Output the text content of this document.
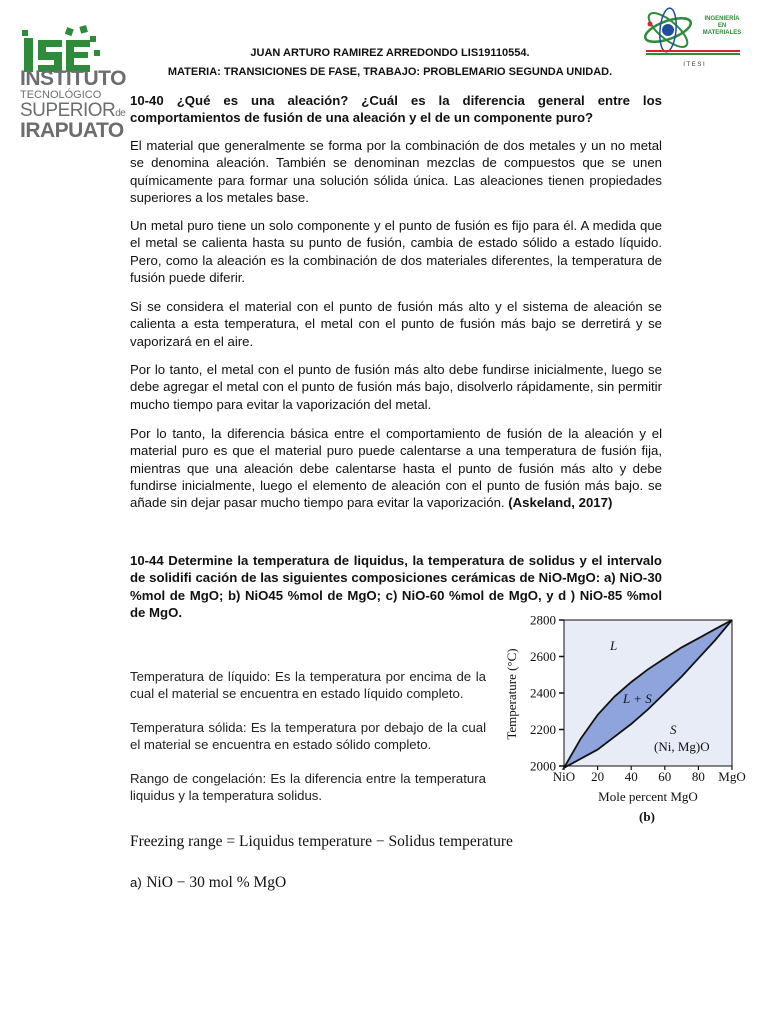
INSTITUTO
TECNOLÓGICO
SUPERIORde
IRAPUATO
INGENIERÍA
EN
MATERIALES
I T E S I
JUAN ARTURO RAMIREZ ARREDONDO LIS19110554.
MATERIA: TRANSICIONES DE FASE, TRABAJO: PROBLEMARIO SEGUNDA UNIDAD.
10-40 ¿Qué es una aleación? ¿Cuál es la diferencia general entre los comportamientos de fusión de una aleación y el de un componente puro?
El material que generalmente se forma por la combinación de dos metales y un no metal se denomina aleación. También se denominan mezclas de compuestos que se unen químicamente para formar una solución sólida única. Las aleaciones tienen propiedades superiores a los metales base.
Un metal puro tiene un solo componente y el punto de fusión es fijo para él. A medida que el metal se calienta hasta su punto de fusión, cambia de estado sólido a estado líquido. Pero, como la aleación es la combinación de dos materiales diferentes, la temperatura de fusión puede diferir.
Si se considera el material con el punto de fusión más alto y el sistema de aleación se calienta a esta temperatura, el metal con el punto de fusión más bajo se derretirá y se vaporizará en el aire.
Por lo tanto, el metal con el punto de fusión más alto debe fundirse inicialmente, luego se debe agregar el metal con el punto de fusión más bajo, disolverlo rápidamente, sin permitir mucho tiempo para evitar la vaporización del metal.
Por lo tanto, la diferencia básica entre el comportamiento de fusión de la aleación y el material puro es que el material puro puede calentarse a una temperatura de fusión fija, mientras que una aleación debe calentarse hasta el punto de fusión más alto y debe fundirse inicialmente, luego el elemento de aleación con el punto de fusión más bajo. se añade sin dejar pasar mucho tiempo para evitar la vaporización. (Askeland, 2017)
10-44 Determine la temperatura de liquidus, la temperatura de solidus y el intervalo de solidifi cación de las siguientes composiciones cerámicas de NiO-MgO: a) NiO-30 %mol de MgO; b) NiO45 %mol de MgO; c) NiO-60 %mol de MgO, y d ) NiO-85 %mol de MgO.
Temperatura de líquido: Es la temperatura por encima de la cual el material se encuentra en estado líquido completo.
Temperatura sólida: Es la temperatura por debajo de la cual el material se encuentra en estado sólido completo.
Rango de congelación: Es la diferencia entre la temperatura liquidus y la temperatura solidus.
Freezing range = Liquidus temperature − Solidus temperature
a) NiO − 30 mol % MgO
2000
2200
2400
2600
2800
NiO 20 40 60 80 MgO
Temperature (°C)
Mole percent MgO
L
L + S
S
(Ni, Mg)O
(b)
